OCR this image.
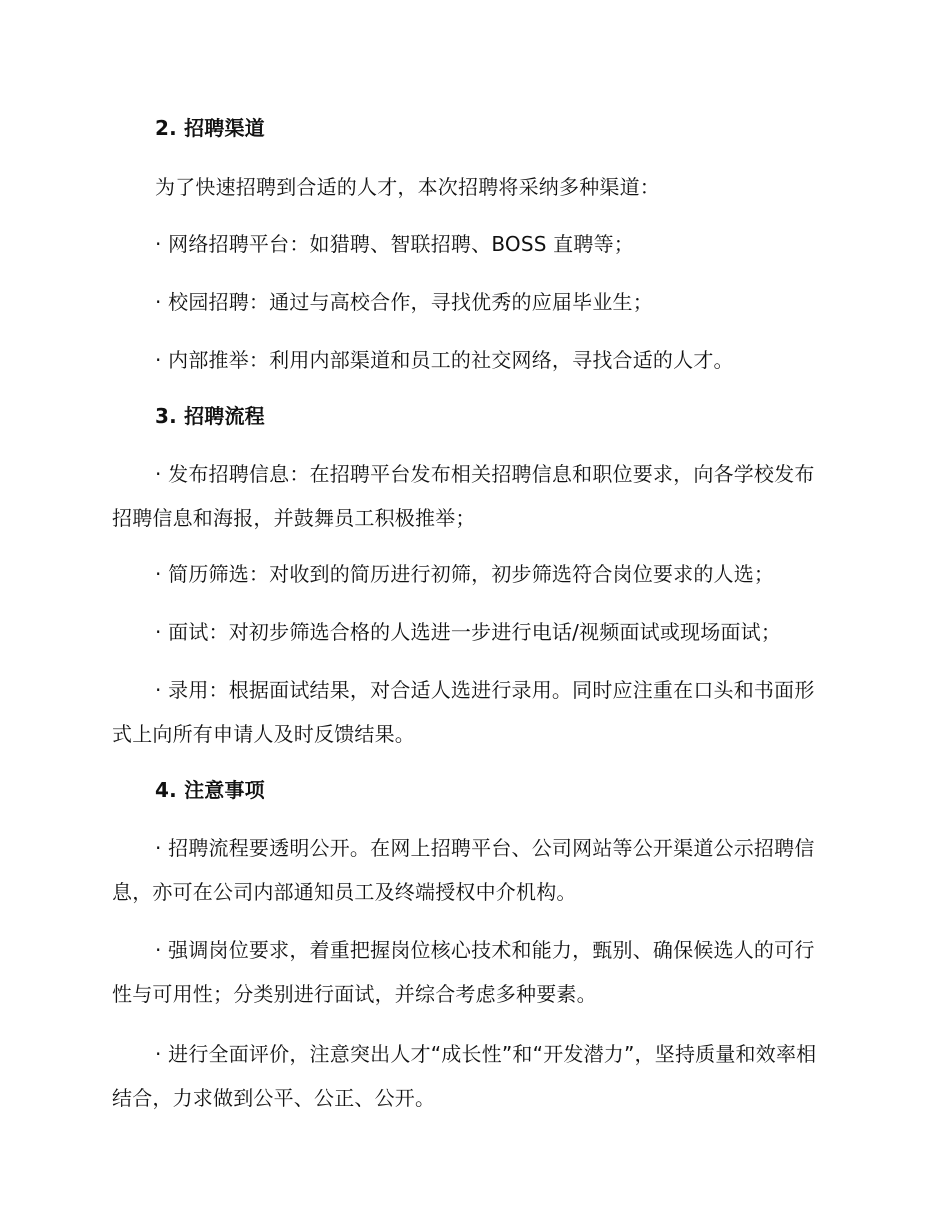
2. 招聘渠道

为了快速招聘到合适的人才，本次招聘将采纳多种渠道：

· 网络招聘平台：如猎聘、智联招聘、BOSS 直聘等；

· 校园招聘：通过与高校合作，寻找优秀的应届毕业生；

· 内部推举：利用内部渠道和员工的社交网络，寻找合适的人才。

3. 招聘流程

· 发布招聘信息：在招聘平台发布相关招聘信息和职位要求，向各学校发布招聘信息和海报，并鼓舞员工积极推举；

· 简历筛选：对收到的简历进行初筛，初步筛选符合岗位要求的人选；

· 面试：对初步筛选合格的人选进一步进行电话/视频面试或现场面试；

· 录用：根据面试结果，对合适人选进行录用。同时应注重在口头和书面形式上向所有申请人及时反馈结果。

4. 注意事项

· 招聘流程要透明公开。在网上招聘平台、公司网站等公开渠道公示招聘信息，亦可在公司内部通知员工及终端授权中介机构。

· 强调岗位要求，着重把握岗位核心技术和能力，甄别、确保候选人的可行性与可用性；分类别进行面试，并综合考虑多种要素。

· 进行全面评价，注意突出人才“成长性”和“开发潜力”，坚持质量和效率相结合，力求做到公平、公正、公开。
